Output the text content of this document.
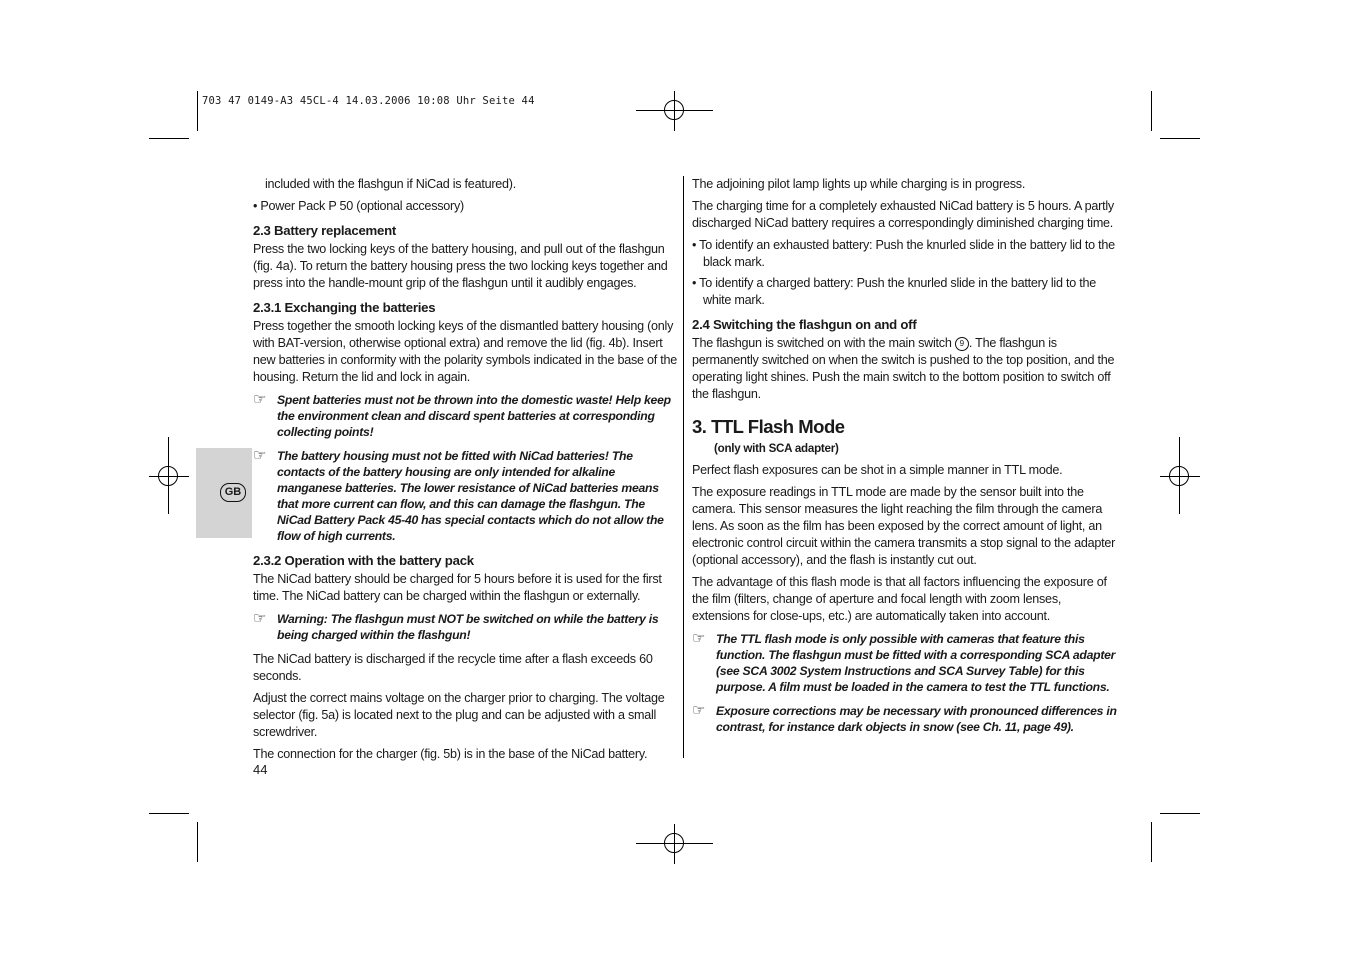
703 47 0149-A3 45CL-4 14.03.2006 10:08 Uhr Seite 44
GB

included with the flashgun if NiCad is featured).

• Power Pack P 50 (optional accessory)

2.3 Battery replacement

Press the two locking keys of the battery housing, and pull out of the flashgun (fig. 4a). To return the battery housing press the two locking keys together and press into the handle-mount grip of the flashgun until it audibly engages.

2.3.1 Exchanging the batteries

Press together the smooth locking keys of the dismantled battery housing (only with BAT-version, otherwise optional extra) and remove the lid (fig. 4b). Insert new batteries in conformity with the polarity symbols indicated in the base of the housing. Return the lid and lock in again.

☞ Spent batteries must not be thrown into the domestic waste! Help keep the environment clean and discard spent batteries at corresponding collecting points!
☞ The battery housing must not be fitted with NiCad batteries! The contacts of the battery housing are only intended for alkaline manganese batteries. The lower resistance of NiCad batteries means that more current can flow, and this can damage the flashgun. The NiCad Battery Pack 45-40 has special contacts which do not allow the flow of high currents.
2.3.2 Operation with the battery pack

The NiCad battery should be charged for 5 hours before it is used for the first time. The NiCad battery can be charged within the flashgun or externally.

☞ Warning: The flashgun must NOT be switched on while the battery is being charged within the flashgun!

The NiCad battery is discharged if the recycle time after a flash exceeds 60 seconds.

Adjust the correct mains voltage on the charger prior to charging. The voltage selector (fig. 5a) is located next to the plug and can be adjusted with a small screwdriver.

The connection for the charger (fig. 5b) is in the base of the NiCad battery.

The adjoining pilot lamp lights up while charging is in progress.

The charging time for a completely exhausted NiCad battery is 5 hours. A partly discharged NiCad battery requires a correspondingly diminished charging time.

• To identify an exhausted battery: Push the knurled slide in the battery lid to the black mark.

• To identify a charged battery: Push the knurled slide in the battery lid to the white mark.

2.4 Switching the flashgun on and off

The flashgun is switched on with the main switch 9 . The flashgun is permanently switched on when the switch is pushed to the top position, and the operating light shines. Push the main switch to the bottom position to switch off the flashgun.

3. TTL Flash Mode
(only with SCA adapter)

Perfect flash exposures can be shot in a simple manner in TTL mode.

The exposure readings in TTL mode are made by the sensor built into the camera. This sensor measures the light reaching the film through the camera lens. As soon as the film has been exposed by the correct amount of light, an electronic control circuit within the camera transmits a stop signal to the adapter (optional accessory), and the flash is instantly cut out.

The advantage of this flash mode is that all factors influencing the exposure of the film (filters, change of aperture and focal length with zoom lenses, extensions for close-ups, etc.) are automatically taken into account.

☞ The TTL flash mode is only possible with cameras that feature this function. The flashgun must be fitted with a corresponding SCA adapter (see SCA 3002 System Instructions and SCA Survey Table) for this purpose. A film must be loaded in the camera to test the TTL functions.
☞ Exposure corrections may be necessary with pronounced differences in contrast, for instance dark objects in snow (see Ch. 11, page 49).
44
